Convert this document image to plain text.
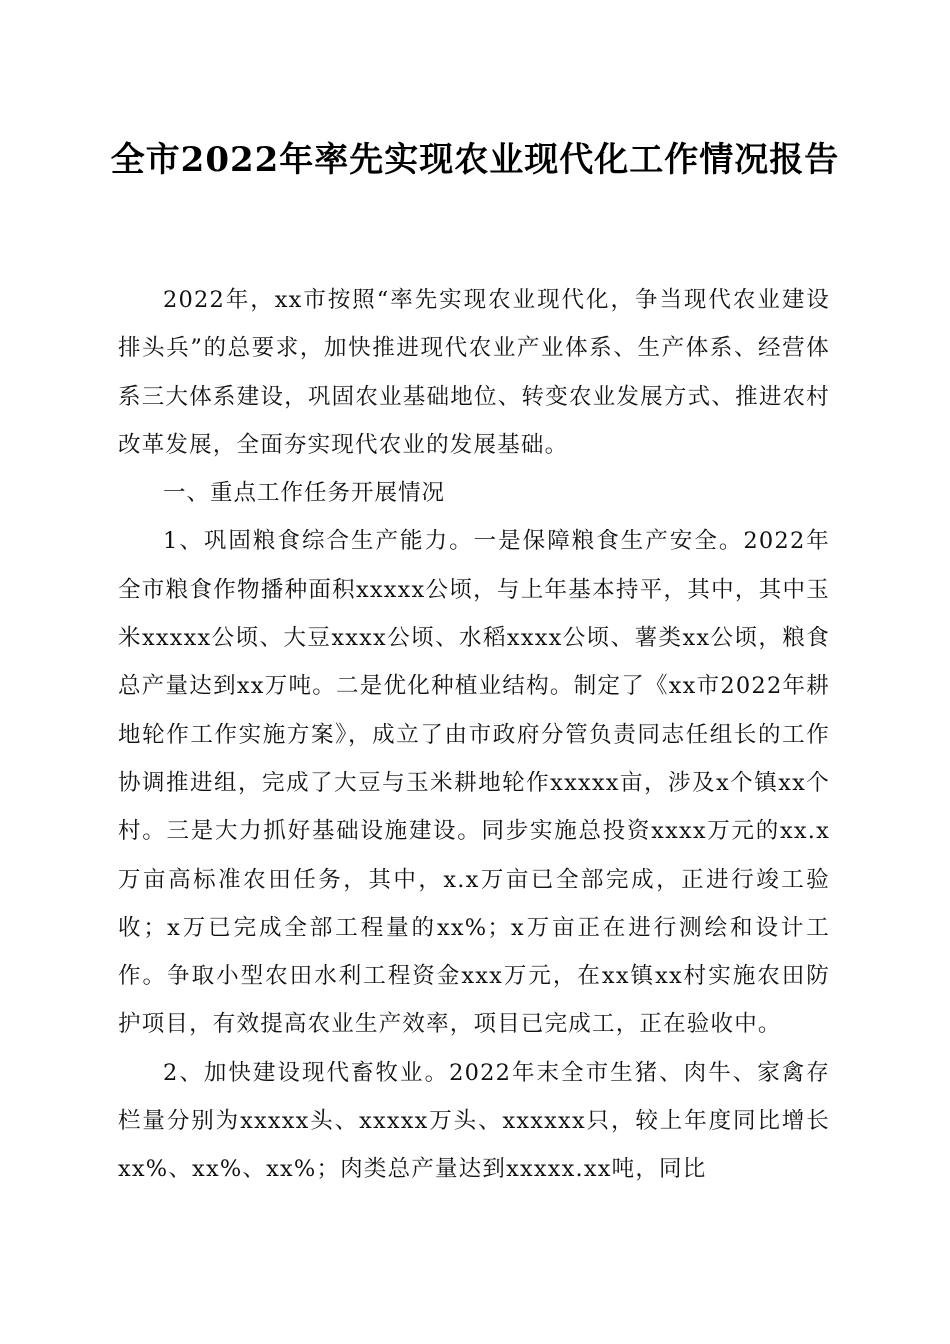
全市2022年率先实现农业现代化工作情况报告

2022年，xx市按照“率先实现农业现代化，争当现代农业建设排头兵”的总要求，加快推进现代农业产业体系、生产体系、经营体系三大体系建设，巩固农业基础地位、转变农业发展方式、推进农村改革发展，全面夯实现代农业的发展基础。

一、重点工作任务开展情况

1、巩固粮食综合生产能力。一是保障粮食生产安全。2022年全市粮食作物播种面积xxxxx公顷，与上年基本持平，其中，其中玉米xxxxx公顷、大豆xxxx公顷、水稻xxxx公顷、薯类xx公顷，粮食总产量达到xx万吨。二是优化种植业结构。制定了《xx市2022年耕地轮作工作实施方案》，成立了由市政府分管负责同志任组长的工作协调推进组，完成了大豆与玉米耕地轮作xxxxx亩，涉及x个镇xx个村。三是大力抓好基础设施建设。同步实施总投资xxxx万元的xx.x万亩高标准农田任务，其中，x.x万亩已全部完成，正进行竣工验收；x万已完成全部工程量的xx%；x万亩正在进行测绘和设计工作。争取小型农田水利工程资金xxx万元，在xx镇xx村实施农田防护项目，有效提高农业生产效率，项目已完成工，正在验收中。

2、加快建设现代畜牧业。2022年末全市生猪、肉牛、家禽存栏量分别为xxxxx头、xxxxx万头、xxxxxx只，较上年度同比增长xx%、xx%、xx%；肉类总产量达到xxxxx.xx吨，同比
